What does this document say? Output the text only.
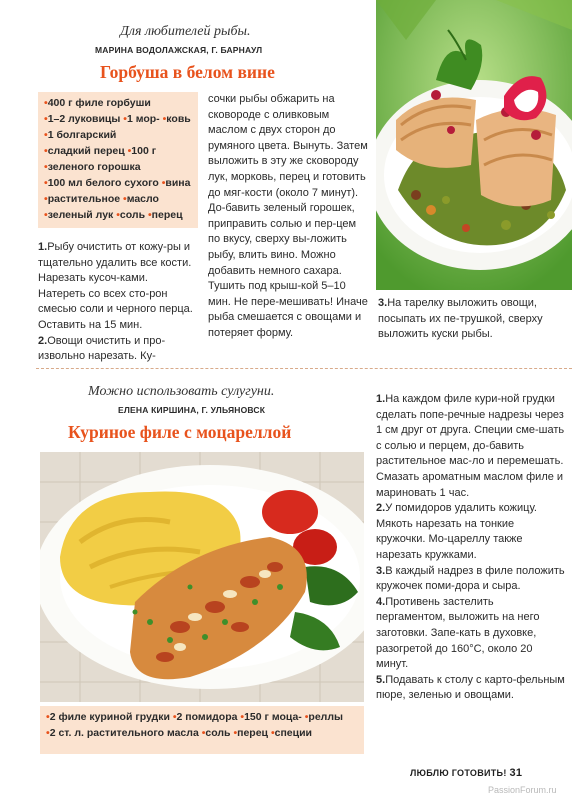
Для любителей рыбы.
МАРИНА ВОДОЛАЖСКАЯ, Г. БАРНАУЛ
Горбуша в белом вине
•400 г филе горбуши •1–2 луковицы •1 мор- •ковь •1 болгарский •сладкий перец •100 г •зеленого горошка •100 мл белого сухого •вина •растительное •масло •зеленый лук •соль •перец
1.Рыбу очистить от кожу-ры и тщательно удалить все кости. Нарезать кусоч-ками. Натереть со всех сто-рон смесью соли и черного перца. Оставить на 15 мин.
2.Овощи очистить и про-извольно нарезать. Ку-
сочки рыбы обжарить на сковороде с оливковым маслом с двух сторон до румяного цвета. Вынуть. Затем выложить в эту же сковороду лук, морковь, перец и готовить до мяг-кости (около 7 минут). До-бавить зеленый горошек, приправить солью и пер-цем по вкусу, сверху вы-ложить рыбу, влить вино. Можно добавить немного сахара. Тушить под крыш-кой 5–10 мин. Не пере-мешивать! Иначе рыба смешается с овощами и потеряет форму.
3.На тарелку выложить овощи, посыпать их пе-трушкой, сверху выложить куски рыбы.
Можно использовать сулугуни.
ЕЛЕНА КИРШИНА, Г. УЛЬЯНОВСК
Куриное филе с моцареллой
•2 филе куриной грудки •2 помидора •150 г моца- •реллы •2 ст. л. растительного масла •соль •перец •специи
1.На каждом филе кури-ной грудки сделать попе-речные надрезы через 1 см друг от друга. Специи сме-шать с солью и перцем, до-бавить растительное мас-ло и перемешать. Смазать ароматным маслом филе и мариновать 1 час.
2.У помидоров удалить кожицу. Мякоть нарезать на тонкие кружочки. Мо-цареллу также нарезать кружками.
3.В каждый надрез в филе положить кружочек поми-дора и сыра.
4.Противень застелить пергаментом, выложить на него заготовки. Запе-кать в духовке, разогретой до 160°С, около 20 минут.
5.Подавать к столу с карто-фельным пюре, зеленью и овощами.
ЛЮБЛЮ ГОТОВИТЬ! 31
PassionForum.ru
